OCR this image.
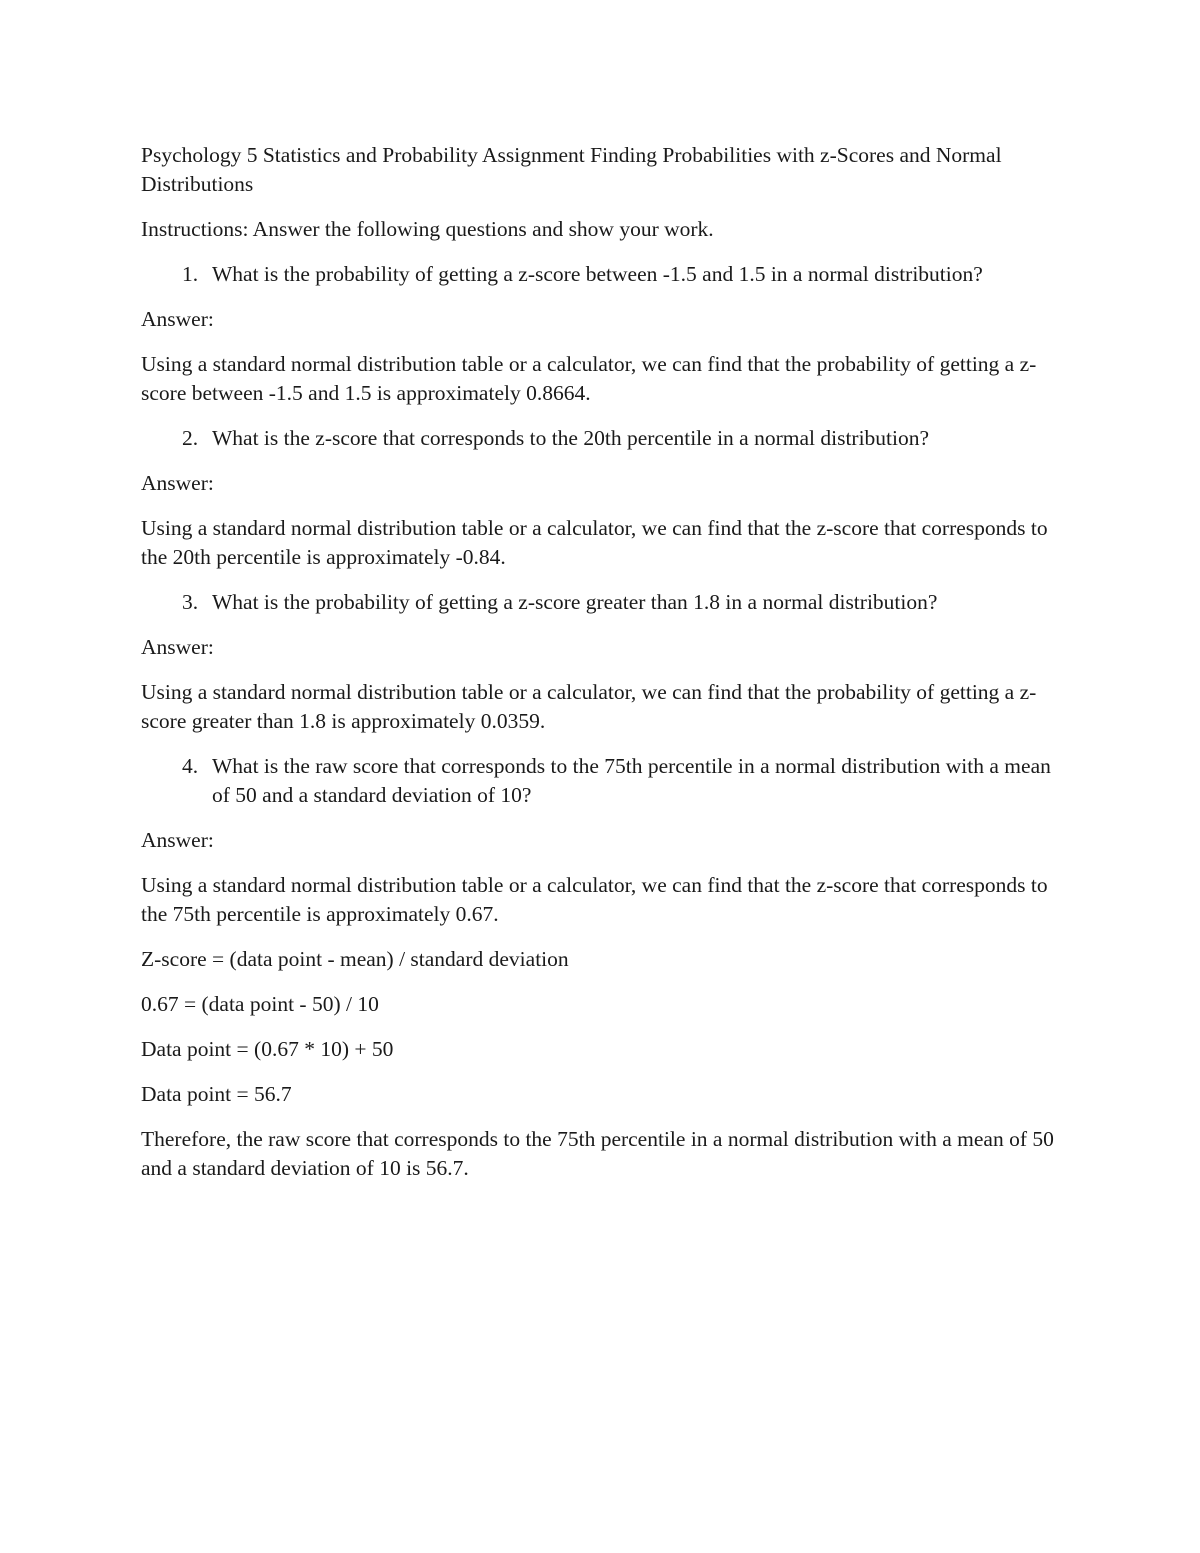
Psychology 5 Statistics and Probability Assignment Finding Probabilities with z-Scores and Normal Distributions

Instructions: Answer the following questions and show your work.

1. What is the probability of getting a z-score between -1.5 and 1.5 in a normal distribution?

Answer:

Using a standard normal distribution table or a calculator, we can find that the probability of getting a z-score between -1.5 and 1.5 is approximately 0.8664.

2. What is the z-score that corresponds to the 20th percentile in a normal distribution?

Answer:

Using a standard normal distribution table or a calculator, we can find that the z-score that corresponds to the 20th percentile is approximately -0.84.

3. What is the probability of getting a z-score greater than 1.8 in a normal distribution?

Answer:

Using a standard normal distribution table or a calculator, we can find that the probability of getting a z-score greater than 1.8 is approximately 0.0359.

4. What is the raw score that corresponds to the 75th percentile in a normal distribution with a mean of 50 and a standard deviation of 10?

Answer:

Using a standard normal distribution table or a calculator, we can find that the z-score that corresponds to the 75th percentile is approximately 0.67.

Z-score = (data point - mean) / standard deviation

0.67 = (data point - 50) / 10

Data point = (0.67 * 10) + 50

Data point = 56.7

Therefore, the raw score that corresponds to the 75th percentile in a normal distribution with a mean of 50 and a standard deviation of 10 is 56.7.
